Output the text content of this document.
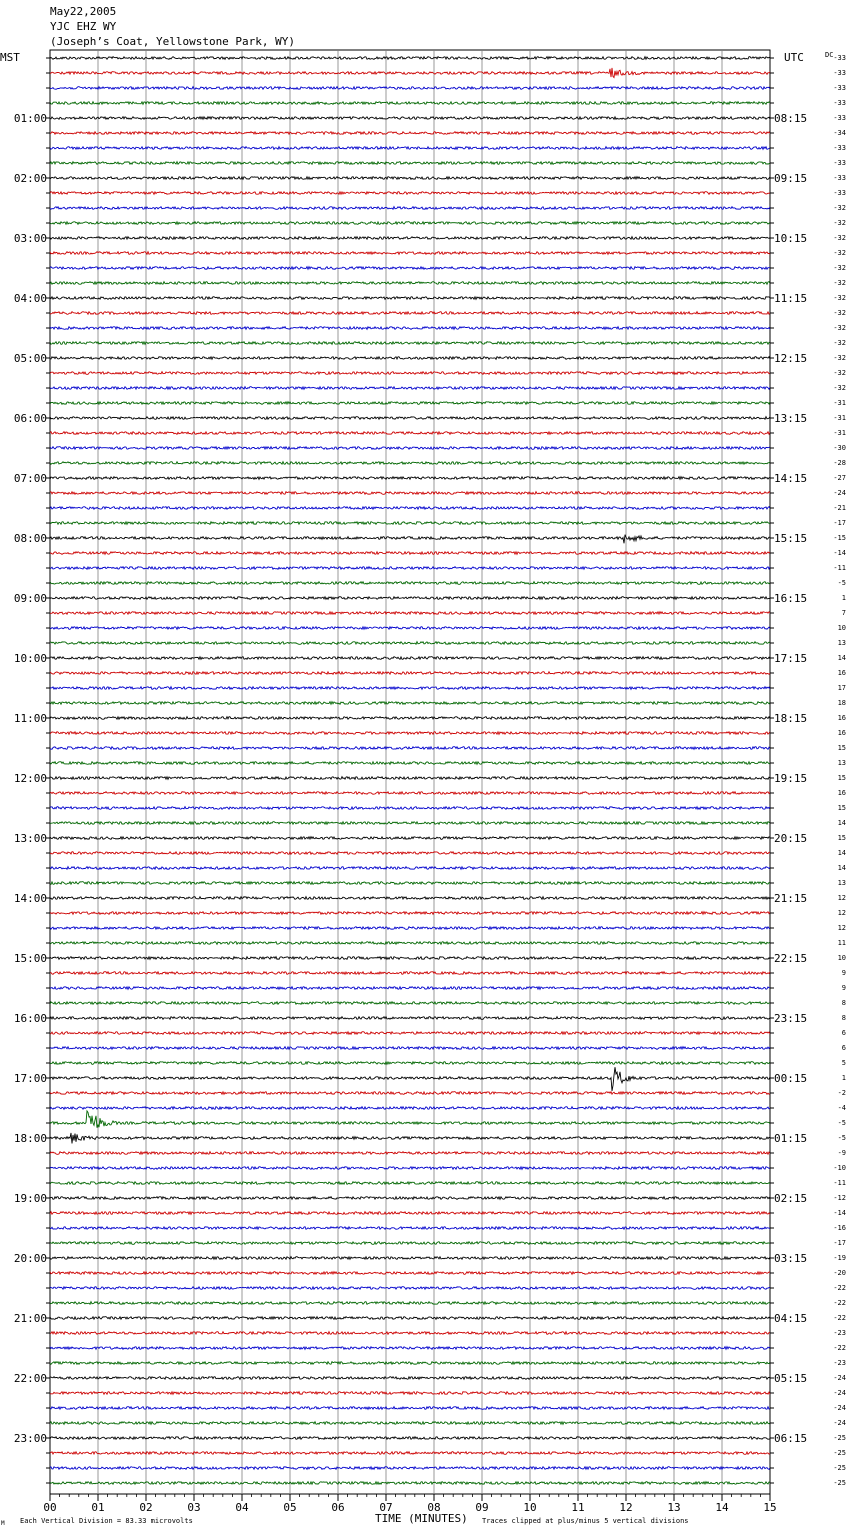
May22,2005
YJC EHZ WY
(Joseph’s Coat, Yellowstone Park, WY)
00	01	02	03	04	05	06	07	08	09	10	11	12	13	14	15
-33
-33
-33
-33
01:00	08:15	-33
-34
-33
-33
02:00	09:15	-33
-33
-32
-32
03:00	10:15	-32
-32
-32
-32
04:00	11:15	-32
-32
-32
-32
05:00	12:15	-32
-32
-32
-31
06:00	13:15	-31
-31
-30
-28
07:00	14:15	-27
-24
-21
-17
08:00	15:15	-15
-14
-11
-5
09:00	16:15	1
7
10
13
10:00	17:15	14
16
17
18
11:00	18:15	16
16
15
13
12:00	19:15	15
16
15
14
13:00	20:15	15
14
14
13
14:00	21:15	12
12
12
11
15:00	22:15	10
9
9
8
16:00	23:15	8
6
6
5
17:00	00:15	1
-2
-4
-5
18:00	01:15	-5
-9
-10
-11
19:00	02:15	-12
-14
-16
-17
20:00	03:15	-19
-20
-22
-22
21:00	04:15	-22
-23
-22
-23
22:00	05:15	-24
-24
-24
-24
23:00	06:15	-25
-25
-25
-25
MST	UTC	DC
TIME (MINUTES)
Each Vertical Division = 83.33 microvolts	Traces clipped at plus/minus 5 vertical divisions
M
